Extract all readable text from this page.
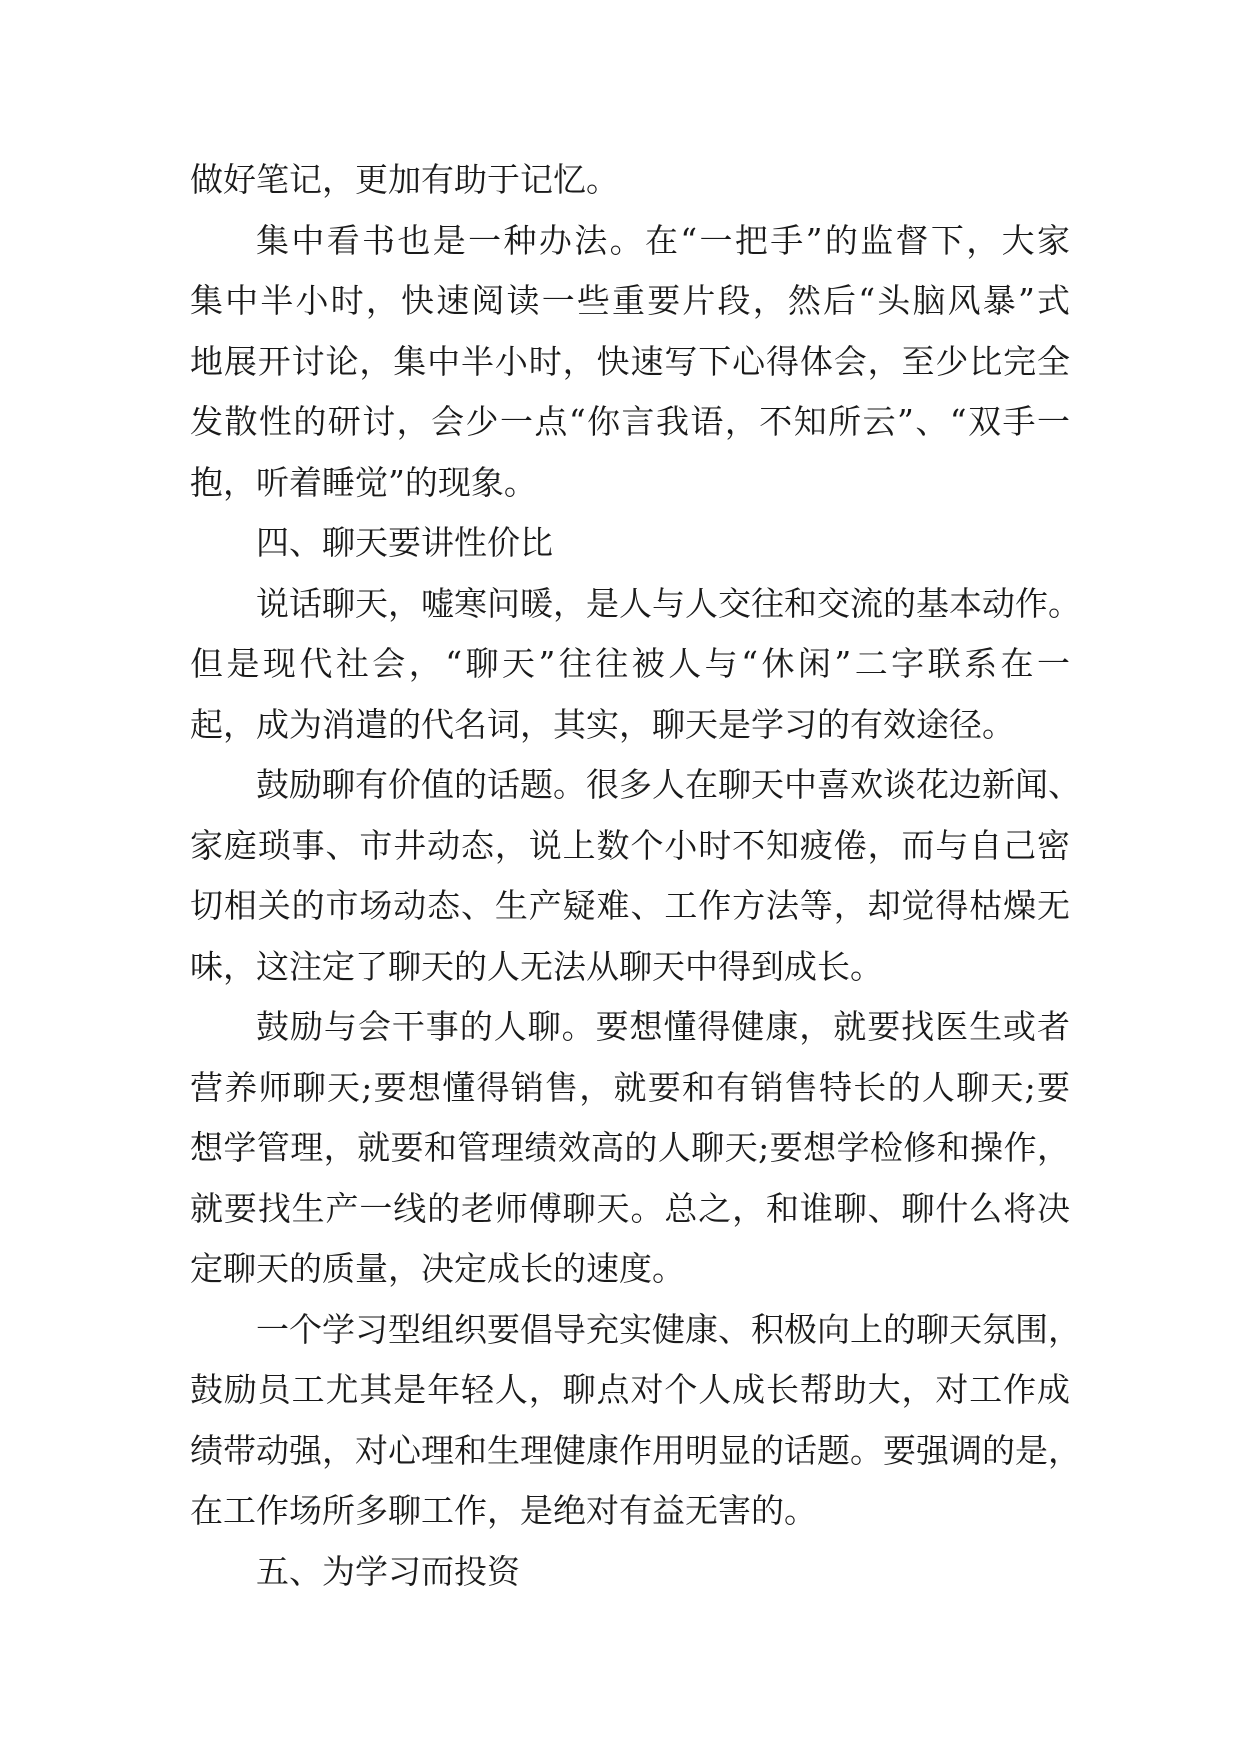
做好笔记，更加有助于记忆。
集中看书也是一种办法。在“一把手”的监督下，大家
集中半小时，快速阅读一些重要片段，然后“头脑风暴”式
地展开讨论，集中半小时，快速写下心得体会，至少比完全
发散性的研讨，会少一点“你言我语，不知所云”、“双手一
抱，听着睡觉”的现象。
四、聊天要讲性价比
说话聊天，嘘寒问暖，是人与人交往和交流的基本动作。
但是现代社会，“聊天”往往被人与“休闲”二字联系在一
起，成为消遣的代名词，其实，聊天是学习的有效途径。
鼓励聊有价值的话题。很多人在聊天中喜欢谈花边新闻、
家庭琐事、市井动态，说上数个小时不知疲倦，而与自己密
切相关的市场动态、生产疑难、工作方法等，却觉得枯燥无
味，这注定了聊天的人无法从聊天中得到成长。
鼓励与会干事的人聊。要想懂得健康，就要找医生或者
营养师聊天;要想懂得销售，就要和有销售特长的人聊天;要
想学管理，就要和管理绩效高的人聊天;要想学检修和操作，
就要找生产一线的老师傅聊天。总之，和谁聊、聊什么将决
定聊天的质量，决定成长的速度。
一个学习型组织要倡导充实健康、积极向上的聊天氛围，
鼓励员工尤其是年轻人，聊点对个人成长帮助大，对工作成
绩带动强，对心理和生理健康作用明显的话题。要强调的是，
在工作场所多聊工作，是绝对有益无害的。
五、为学习而投资
